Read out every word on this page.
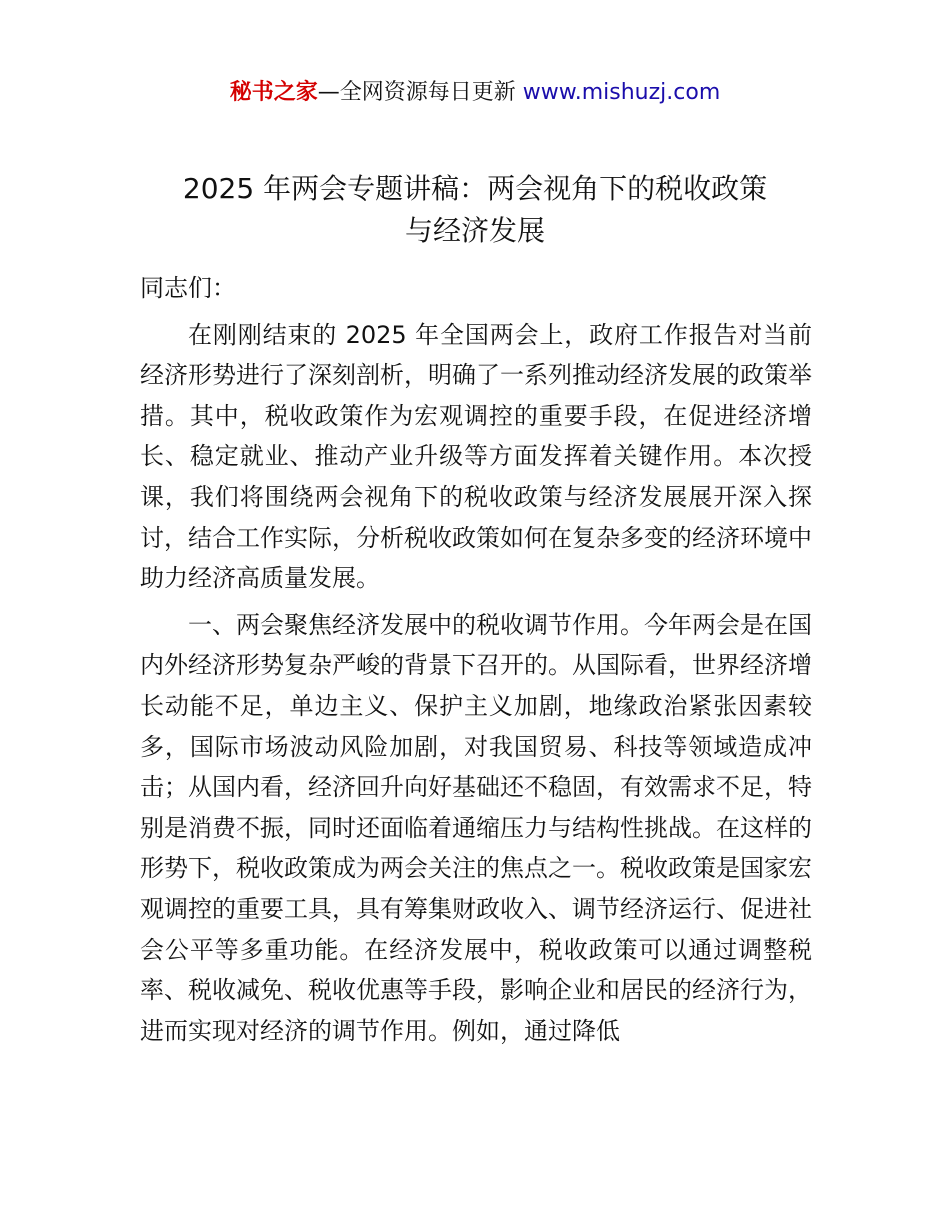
秘书之家—全网资源每日更新 www.mishuzj.com
2025 年两会专题讲稿：两会视角下的税收政策
与经济发展

同志们：

在刚刚结束的 2025 年全国两会上，政府工作报告对当前经济形势进行了深刻剖析，明确了一系列推动经济发展的政策举措。其中，税收政策作为宏观调控的重要手段，在促进经济增长、稳定就业、推动产业升级等方面发挥着关键作用。本次授课，我们将围绕两会视角下的税收政策与经济发展展开深入探讨，结合工作实际，分析税收政策如何在复杂多变的经济环境中助力经济高质量发展。

一、两会聚焦经济发展中的税收调节作用。今年两会是在国内外经济形势复杂严峻的背景下召开的。从国际看，世界经济增长动能不足，单边主义、保护主义加剧，地缘政治紧张因素较多，国际市场波动风险加剧，对我国贸易、科技等领域造成冲击；从国内看，经济回升向好基础还不稳固，有效需求不足，特别是消费不振，同时还面临着通缩压力与结构性挑战。在这样的形势下，税收政策成为两会关注的焦点之一。税收政策是国家宏观调控的重要工具，具有筹集财政收入、调节经济运行、促进社会公平等多重功能。在经济发展中，税收政策可以通过调整税率、税收减免、税收优惠等手段，影响企业和居民的经济行为，进而实现对经济的调节作用。例如，通过降低
